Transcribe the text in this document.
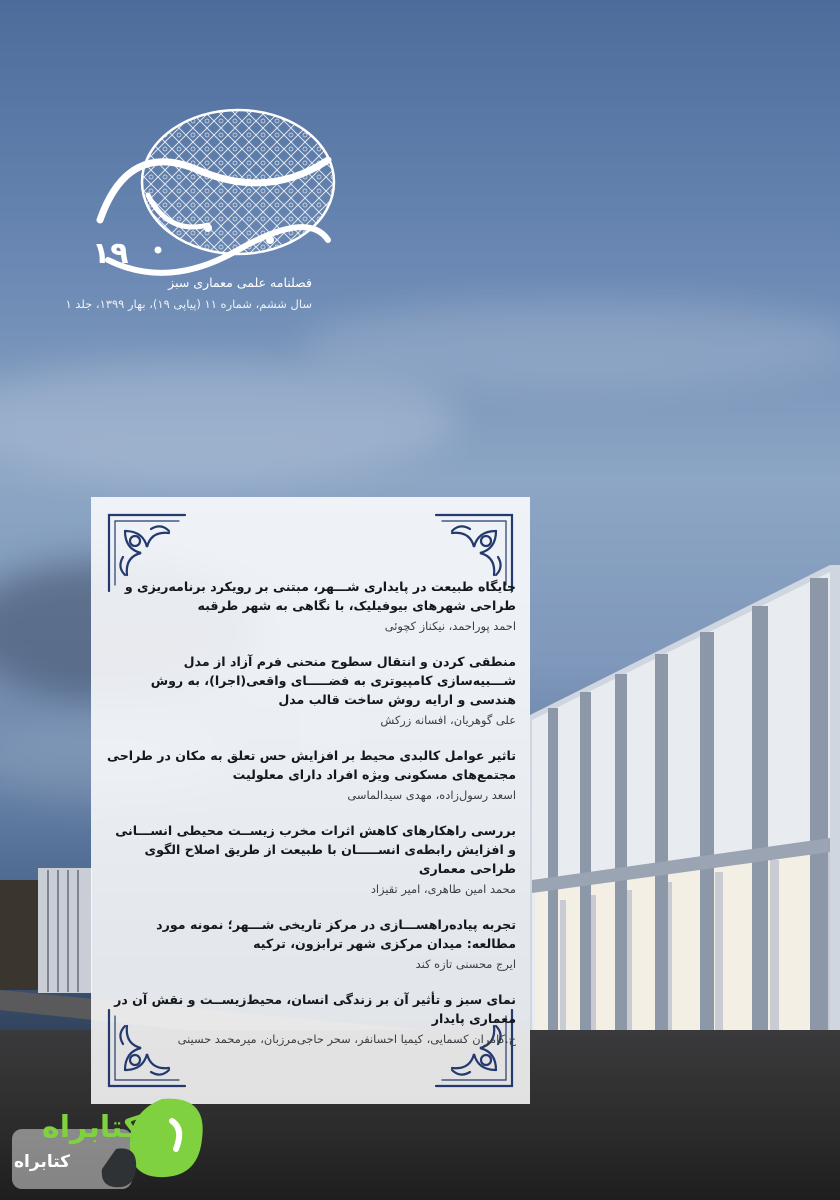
۱۹
فصلنامه علمی معماری سبز
سال ششم، شماره ۱۱ (پیاپی ۱۹)، بهار ۱۳۹۹، جلد ۱
جایگاه طبیعت در پایداری شـــهر، مبتنی بر رویکرد برنامه‌ریزی و طراحی شهرهای بیوفیلیک، با نگاهی به شهر طرقبه
احمد پوراحمد، نیکناز کچوئی
منطقی کردن و انتقال سطوح منحنی فرم آزاد از مدل شـــبیه‌سازی کامپیوتری به فضـــــای واقعی(اجرا)، به روش هندسی و ارایه روش ساخت قالب مدل
علی گوهریان، افسانه زرکش
تاثیر عوامل کالبدی محیط بر افزایش حس تعلق به مکان در طراحی مجتمع‌های مسکونی ویژه افراد دارای معلولیت
اسعد رسول‌زاده، مهدی سیدالماسی
بررسی راهکارهای کاهش اثرات مخرب زیســت محیطی انســـانی و افزایش رابطه‌ی انســـــان با طبیعت از طریق اصلاح الگوی طراحی معماری
محمد امین طاهری، امیر تقیزاد
تجربه پیاده‌راهســـازی در مرکز تاریخی شـــهر؛ نمونه مورد مطالعه: میدان مرکزی شهر ترابزون، ترکیه
ایرج محسنی تازه کند
نمای سبز و تأثیر آن بر زندگی انسان، محیط‌زیســت و نقش آن در معماری پایدار
ح.کامران کسمایی، کیمیا احسانفر، سحر حاجی‌مرزبان، میرمحمد حسینی
کتابراه
کتابراه
